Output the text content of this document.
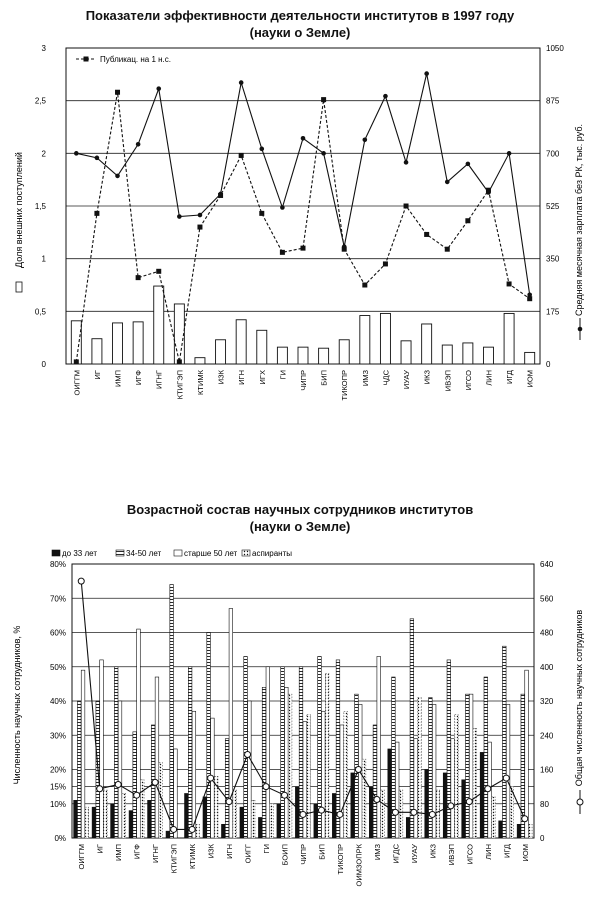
Показатели эффективности деятельности институтов в 1997 году
(науки о Земле)
0
0,5
1
1,5
2
2,5
3
0
175
350
525
700
875
1050
Публикац. на 1 н.с.
ОИГГМ ИГ ИМП ИГФ ИГНГ КТИГЭП КТИМК ИЗК ИГН ИГХ ГИ ЧИПР БИП ТИКОПР ИМЗ ЧДС ИУАУ ИКЗ ИВЭП ИГСО ЛИН ИГД ИОМ
Доля внешних поступлений	Средняя месячная зарплата без РК, тыс. руб.
Возрастной состав научных сотрудников институтов
(науки о Земле)
0%
10%
15%
20%
30%
40%
50%
60%
70%
80%
0
80
160
240
320
400
480
560
640
до 33 лет	34-50 лет	старше 50 лет аспиранты
ОИГГМ ИГ ИМП ИГФ ИГНГ КТИГЭП КТИМК ИЗК ИГН ОИГГ ГИ БОИП ЧИПР БИП ТИКОПР ОИМЗОПРК ИМЗ ИГДС ИУАУ ИКЗ ИВЭП ИГСО ЛИН ИГД ИОМ
Численность научных сотрудников, %	Общая численность научных сотрудников
